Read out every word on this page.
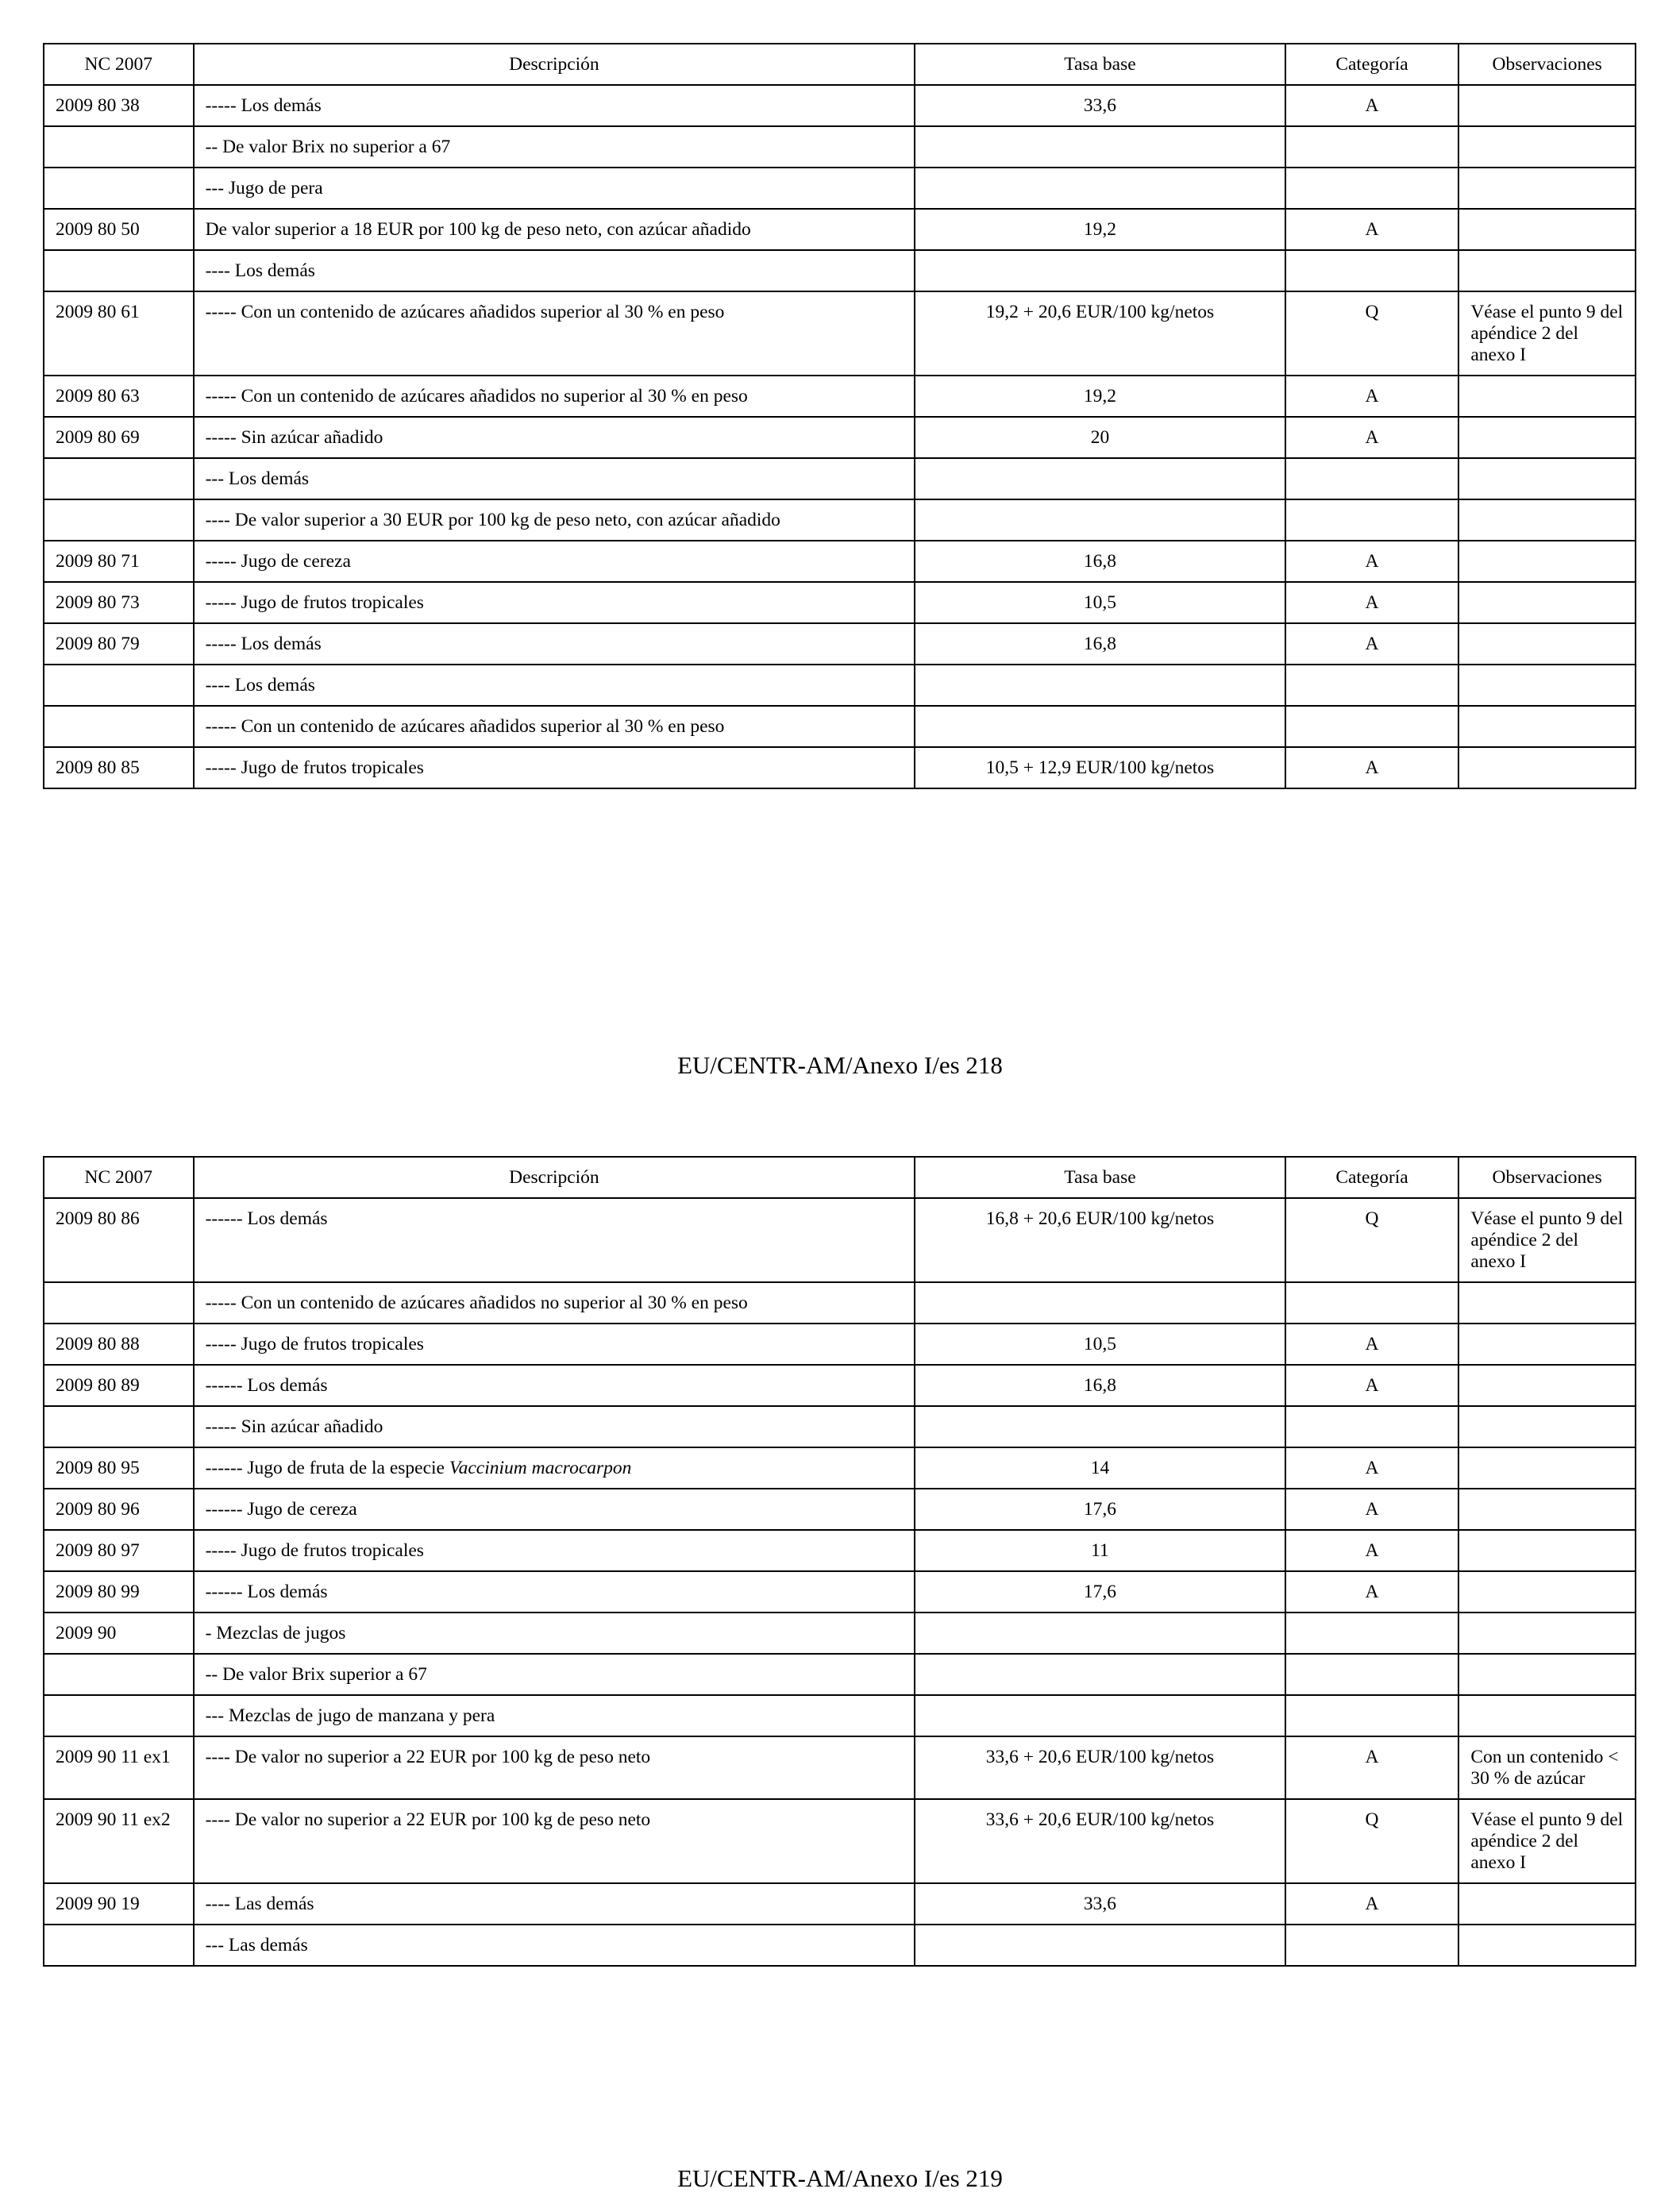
NC 2007	Descripción	Tasa base	Categoría	Observaciones
2009 80 38	----- Los demás	33,6	A	
	-- De valor Brix no superior a 67			
	--- Jugo de pera			
2009 80 50	De valor superior a 18 EUR por 100 kg de peso neto, con azúcar añadido	19,2	A	
	---- Los demás			
2009 80 61	----- Con un contenido de azúcares añadidos superior al 30 % en peso	19,2 + 20,6 EUR/100 kg/netos	Q	Véase el punto 9 del apéndice 2 del anexo I
2009 80 63	----- Con un contenido de azúcares añadidos no superior al 30 % en peso	19,2	A	
2009 80 69	----- Sin azúcar añadido	20	A	
	--- Los demás			
	---- De valor superior a 30 EUR por 100 kg de peso neto, con azúcar añadido			
2009 80 71	----- Jugo de cereza	16,8	A	
2009 80 73	----- Jugo de frutos tropicales	10,5	A	
2009 80 79	----- Los demás	16,8	A	
	---- Los demás			
	----- Con un contenido de azúcares añadidos superior al 30 % en peso			
2009 80 85	----- Jugo de frutos tropicales	10,5 + 12,9 EUR/100 kg/netos	A	
EU/CENTR-AM/Anexo I/es 218
NC 2007	Descripción	Tasa base	Categoría	Observaciones
2009 80 86	------ Los demás	16,8 + 20,6 EUR/100 kg/netos	Q	Véase el punto 9 del apéndice 2 del anexo I
	----- Con un contenido de azúcares añadidos no superior al 30 % en peso			
2009 80 88	----- Jugo de frutos tropicales	10,5	A	
2009 80 89	------ Los demás	16,8	A	
	----- Sin azúcar añadido			
2009 80 95	------ Jugo de fruta de la especie Vaccinium macrocarpon	14	A	
2009 80 96	------ Jugo de cereza	17,6	A	
2009 80 97	----- Jugo de frutos tropicales	11	A	
2009 80 99	------ Los demás	17,6	A	
2009 90	- Mezclas de jugos			
	-- De valor Brix superior a 67			
	--- Mezclas de jugo de manzana y pera			
2009 90 11 ex1	---- De valor no superior a 22 EUR por 100 kg de peso neto	33,6 + 20,6 EUR/100 kg/netos	A	Con un contenido < 30 % de azúcar
2009 90 11 ex2	---- De valor no superior a 22 EUR por 100 kg de peso neto	33,6 + 20,6 EUR/100 kg/netos	Q	Véase el punto 9 del apéndice 2 del anexo I
2009 90 19	---- Las demás	33,6	A	
	--- Las demás			
EU/CENTR-AM/Anexo I/es 219
